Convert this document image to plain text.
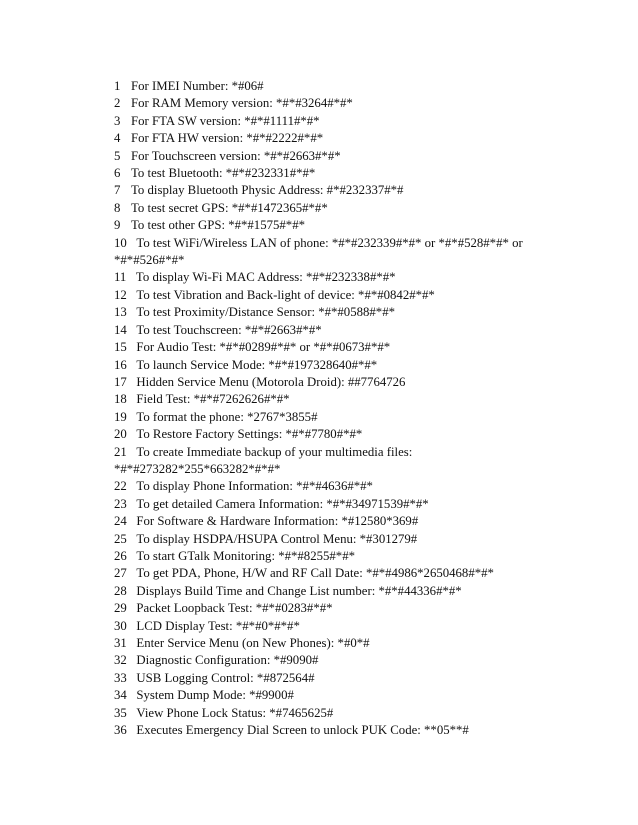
1   For IMEI Number: *#06#
2   For RAM Memory version: *#*#3264#*#*
3   For FTA SW version: *#*#1111#*#*
4   For FTA HW version: *#*#2222#*#*
5   For Touchscreen version: *#*#2663#*#*
6   To test Bluetooth: *#*#232331#*#*
7   To display Bluetooth Physic Address: #*#232337#*#
8   To test secret GPS: *#*#1472365#*#*
9   To test other GPS: *#*#1575#*#*
10   To test WiFi/Wireless LAN of phone: *#*#232339#*#* or *#*#528#*#* or
*#*#526#*#*
11   To display Wi-Fi MAC Address: *#*#232338#*#*
12   To test Vibration and Back-light of device: *#*#0842#*#*
13   To test Proximity/Distance Sensor: *#*#0588#*#*
14   To test Touchscreen: *#*#2663#*#*
15   For Audio Test: *#*#0289#*#* or *#*#0673#*#*
16   To launch Service Mode: *#*#197328640#*#*
17   Hidden Service Menu (Motorola Droid): ##7764726
18   Field Test: *#*#7262626#*#*
19   To format the phone: *2767*3855#
20   To Restore Factory Settings: *#*#7780#*#*
21   To create Immediate backup of your multimedia files:
*#*#273282*255*663282*#*#*
22   To display Phone Information: *#*#4636#*#*
23   To get detailed Camera Information: *#*#34971539#*#*
24   For Software & Hardware Information: *#12580*369#
25   To display HSDPA/HSUPA Control Menu: *#301279#
26   To start GTalk Monitoring: *#*#8255#*#*
27   To get PDA, Phone, H/W and RF Call Date: *#*#4986*2650468#*#*
28   Displays Build Time and Change List number: *#*#44336#*#*
29   Packet Loopback Test: *#*#0283#*#*
30   LCD Display Test: *#*#0*#*#*
31   Enter Service Menu (on New Phones): *#0*#
32   Diagnostic Configuration: *#9090#
33   USB Logging Control: *#872564#
34   System Dump Mode: *#9900#
35   View Phone Lock Status: *#7465625#
36   Executes Emergency Dial Screen to unlock PUK Code: **05**#
